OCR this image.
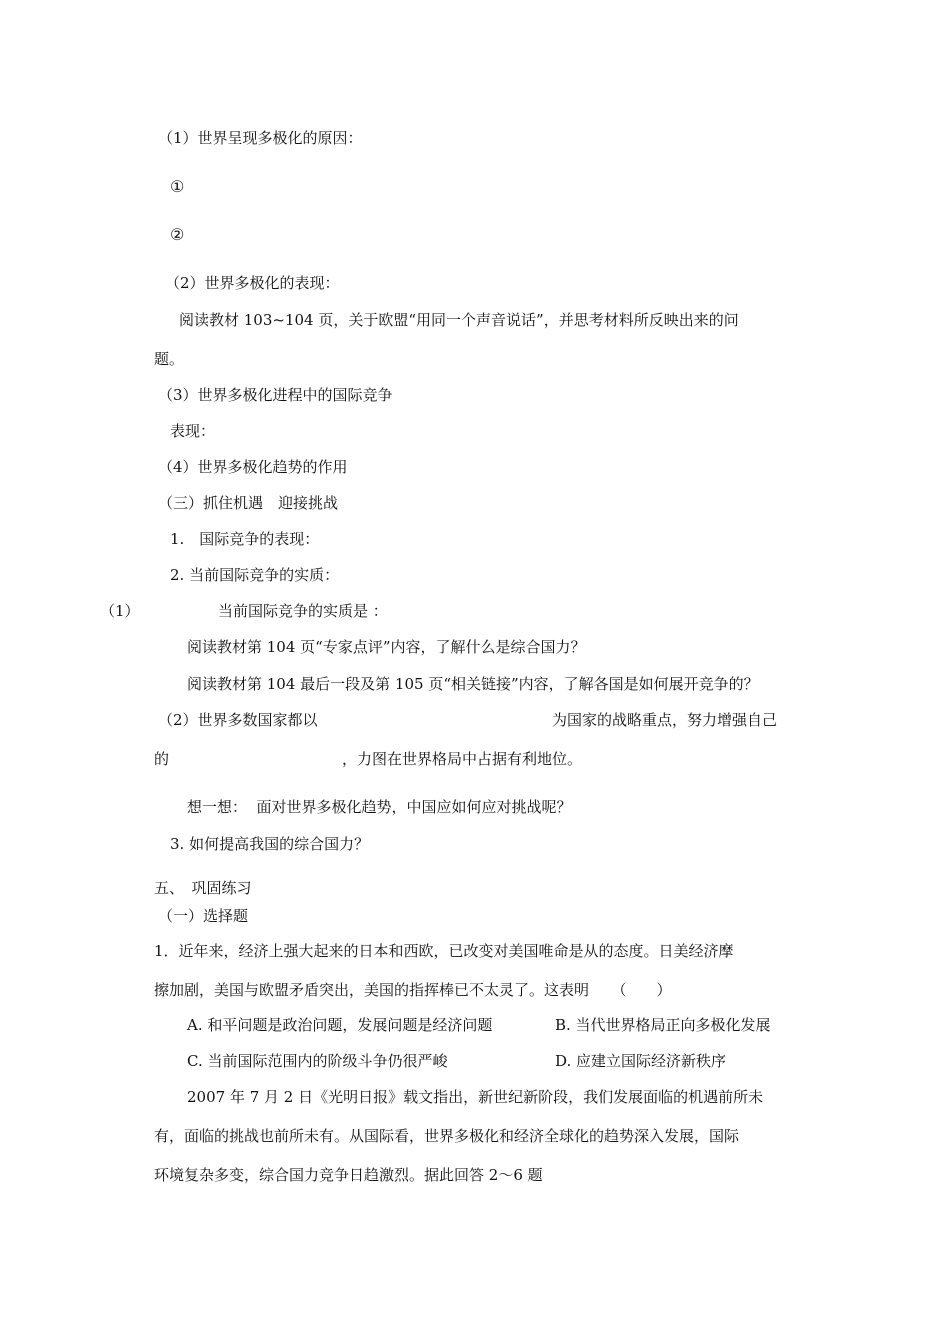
（1）世界呈现多极化的原因：
①
②
（2）世界多极化的表现：
阅读教材 103~104 页，关于欧盟“用同一个声音说话”，并思考材料所反映出来的问
题。
（3）世界多极化进程中的国际竞争
表现：
（4）世界多极化趋势的作用
（三）抓住机遇　迎接挑战
1.　国际竞争的表现：
2. 当前国际竞争的实质：
（1）	当前国际竞争的实质是 ：
阅读教材第 104 页“专家点评”内容，了解什么是综合国力？
阅读教材第 104 最后一段及第 105 页“相关链接”内容，了解各国是如何展开竞争的？
（2）世界多数国家都以	为国家的战略重点，努力增强自己
的	，力图在世界格局中占据有利地位。
想一想：  面对世界多极化趋势，中国应如何应对挑战呢？
3. 如何提高我国的综合国力？
五、　巩固练习
（一）选择题
1．近年来，经济上强大起来的日本和西欧，已改变对美国唯命是从的态度。日美经济摩
擦加剧，美国与欧盟矛盾突出，美国的指挥棒已不太灵了。这表明　　（　　）
A. 和平问题是政治问题，发展问题是经济问题	B. 当代世界格局正向多极化发展
C. 当前国际范围内的阶级斗争仍很严峻	D. 应建立国际经济新秩序
2007 年 7 月 2 日《光明日报》载文指出，新世纪新阶段，我们发展面临的机遇前所未
有，面临的挑战也前所未有。从国际看，世界多极化和经济全球化的趋势深入发展，国际
环境复杂多变，综合国力竞争日趋激烈。据此回答 2～6 题
